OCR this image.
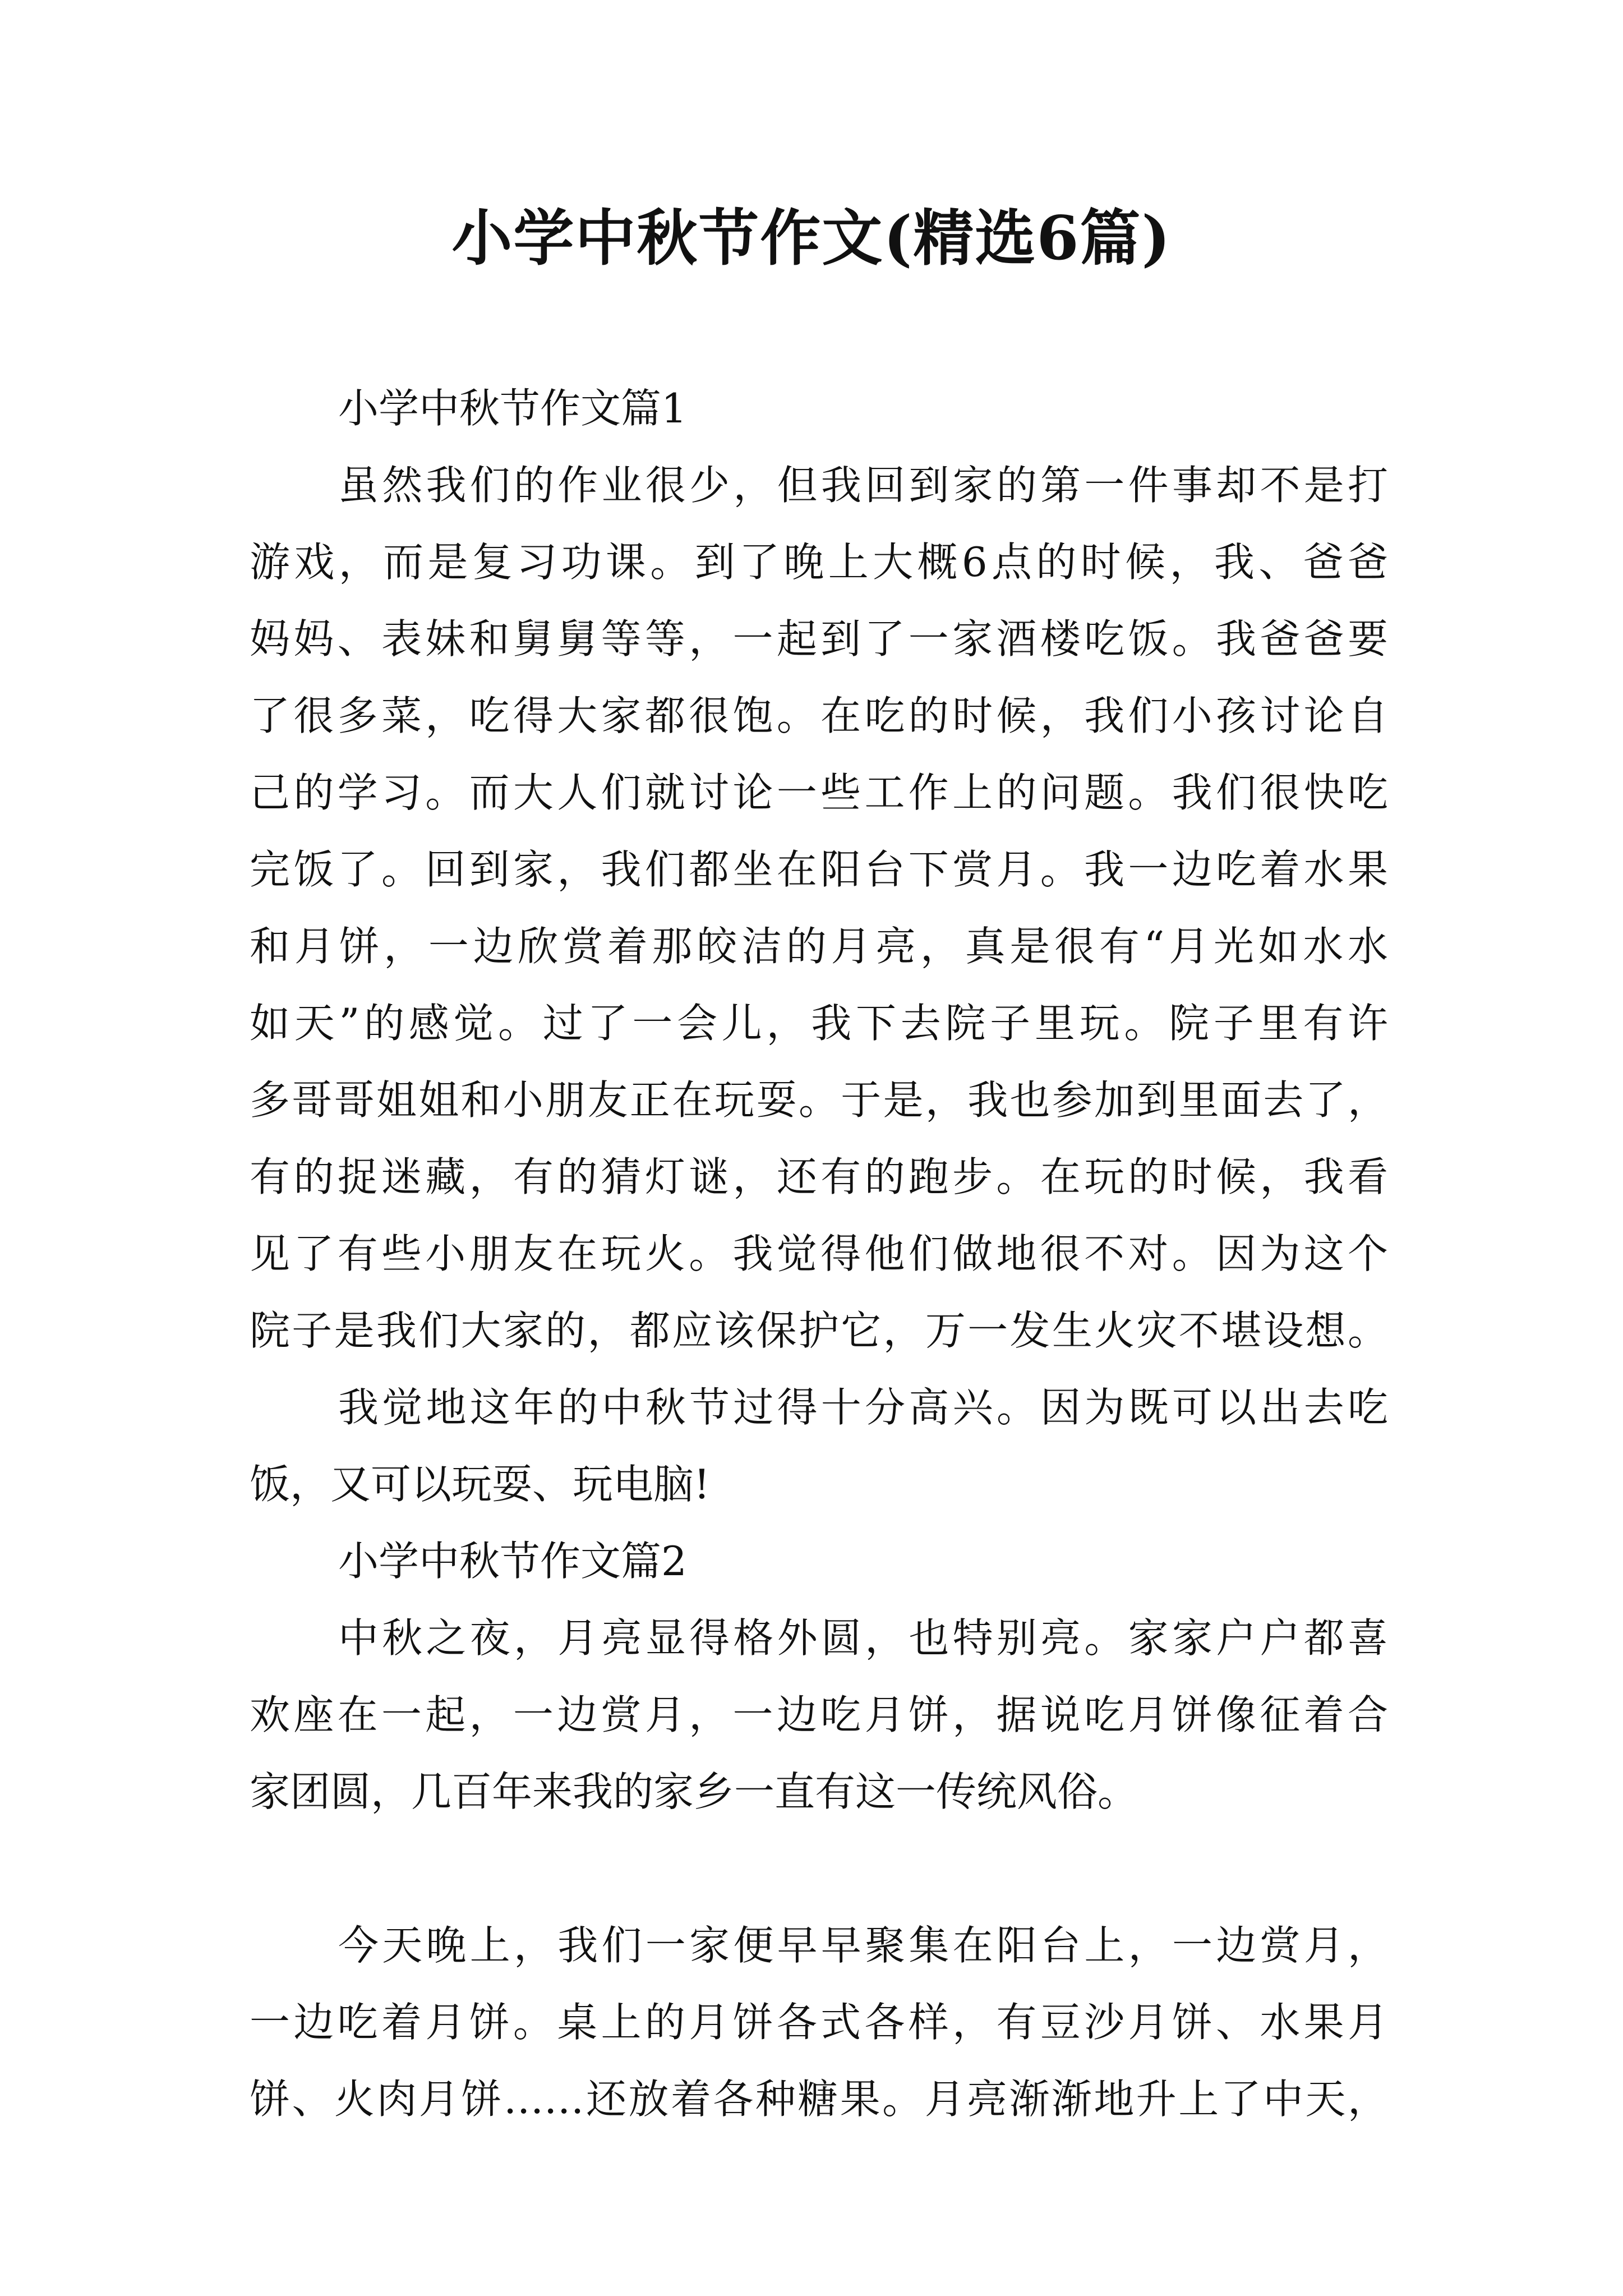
小学中秋节作文(精选6篇)
小学中秋节作文篇1
虽然我们的作业很少，但我回到家的第一件事却不是打
游戏，而是复习功课。到了晚上大概6点的时候，我、爸爸
妈妈、表妹和舅舅等等，一起到了一家酒楼吃饭。我爸爸要
了很多菜，吃得大家都很饱。在吃的时候，我们小孩讨论自
己的学习。而大人们就讨论一些工作上的问题。我们很快吃
完饭了。回到家，我们都坐在阳台下赏月。我一边吃着水果
和月饼，一边欣赏着那皎洁的月亮，真是很有“月光如水水
如天”的感觉。过了一会儿，我下去院子里玩。院子里有许
多哥哥姐姐和小朋友正在玩耍。于是，我也参加到里面去了，
有的捉迷藏，有的猜灯谜，还有的跑步。在玩的时候，我看
见了有些小朋友在玩火。我觉得他们做地很不对。因为这个
院子是我们大家的，都应该保护它，万一发生火灾不堪设想。
我觉地这年的中秋节过得十分高兴。因为既可以出去吃
饭，又可以玩耍、玩电脑!
小学中秋节作文篇2
中秋之夜，月亮显得格外圆，也特别亮。家家户户都喜
欢座在一起，一边赏月，一边吃月饼，据说吃月饼像征着合
家团圆，几百年来我的家乡一直有这一传统风俗。
今天晚上，我们一家便早早聚集在阳台上，一边赏月，
一边吃着月饼。桌上的月饼各式各样，有豆沙月饼、水果月
饼、火肉月饼……还放着各种糖果。月亮渐渐地升上了中天，
